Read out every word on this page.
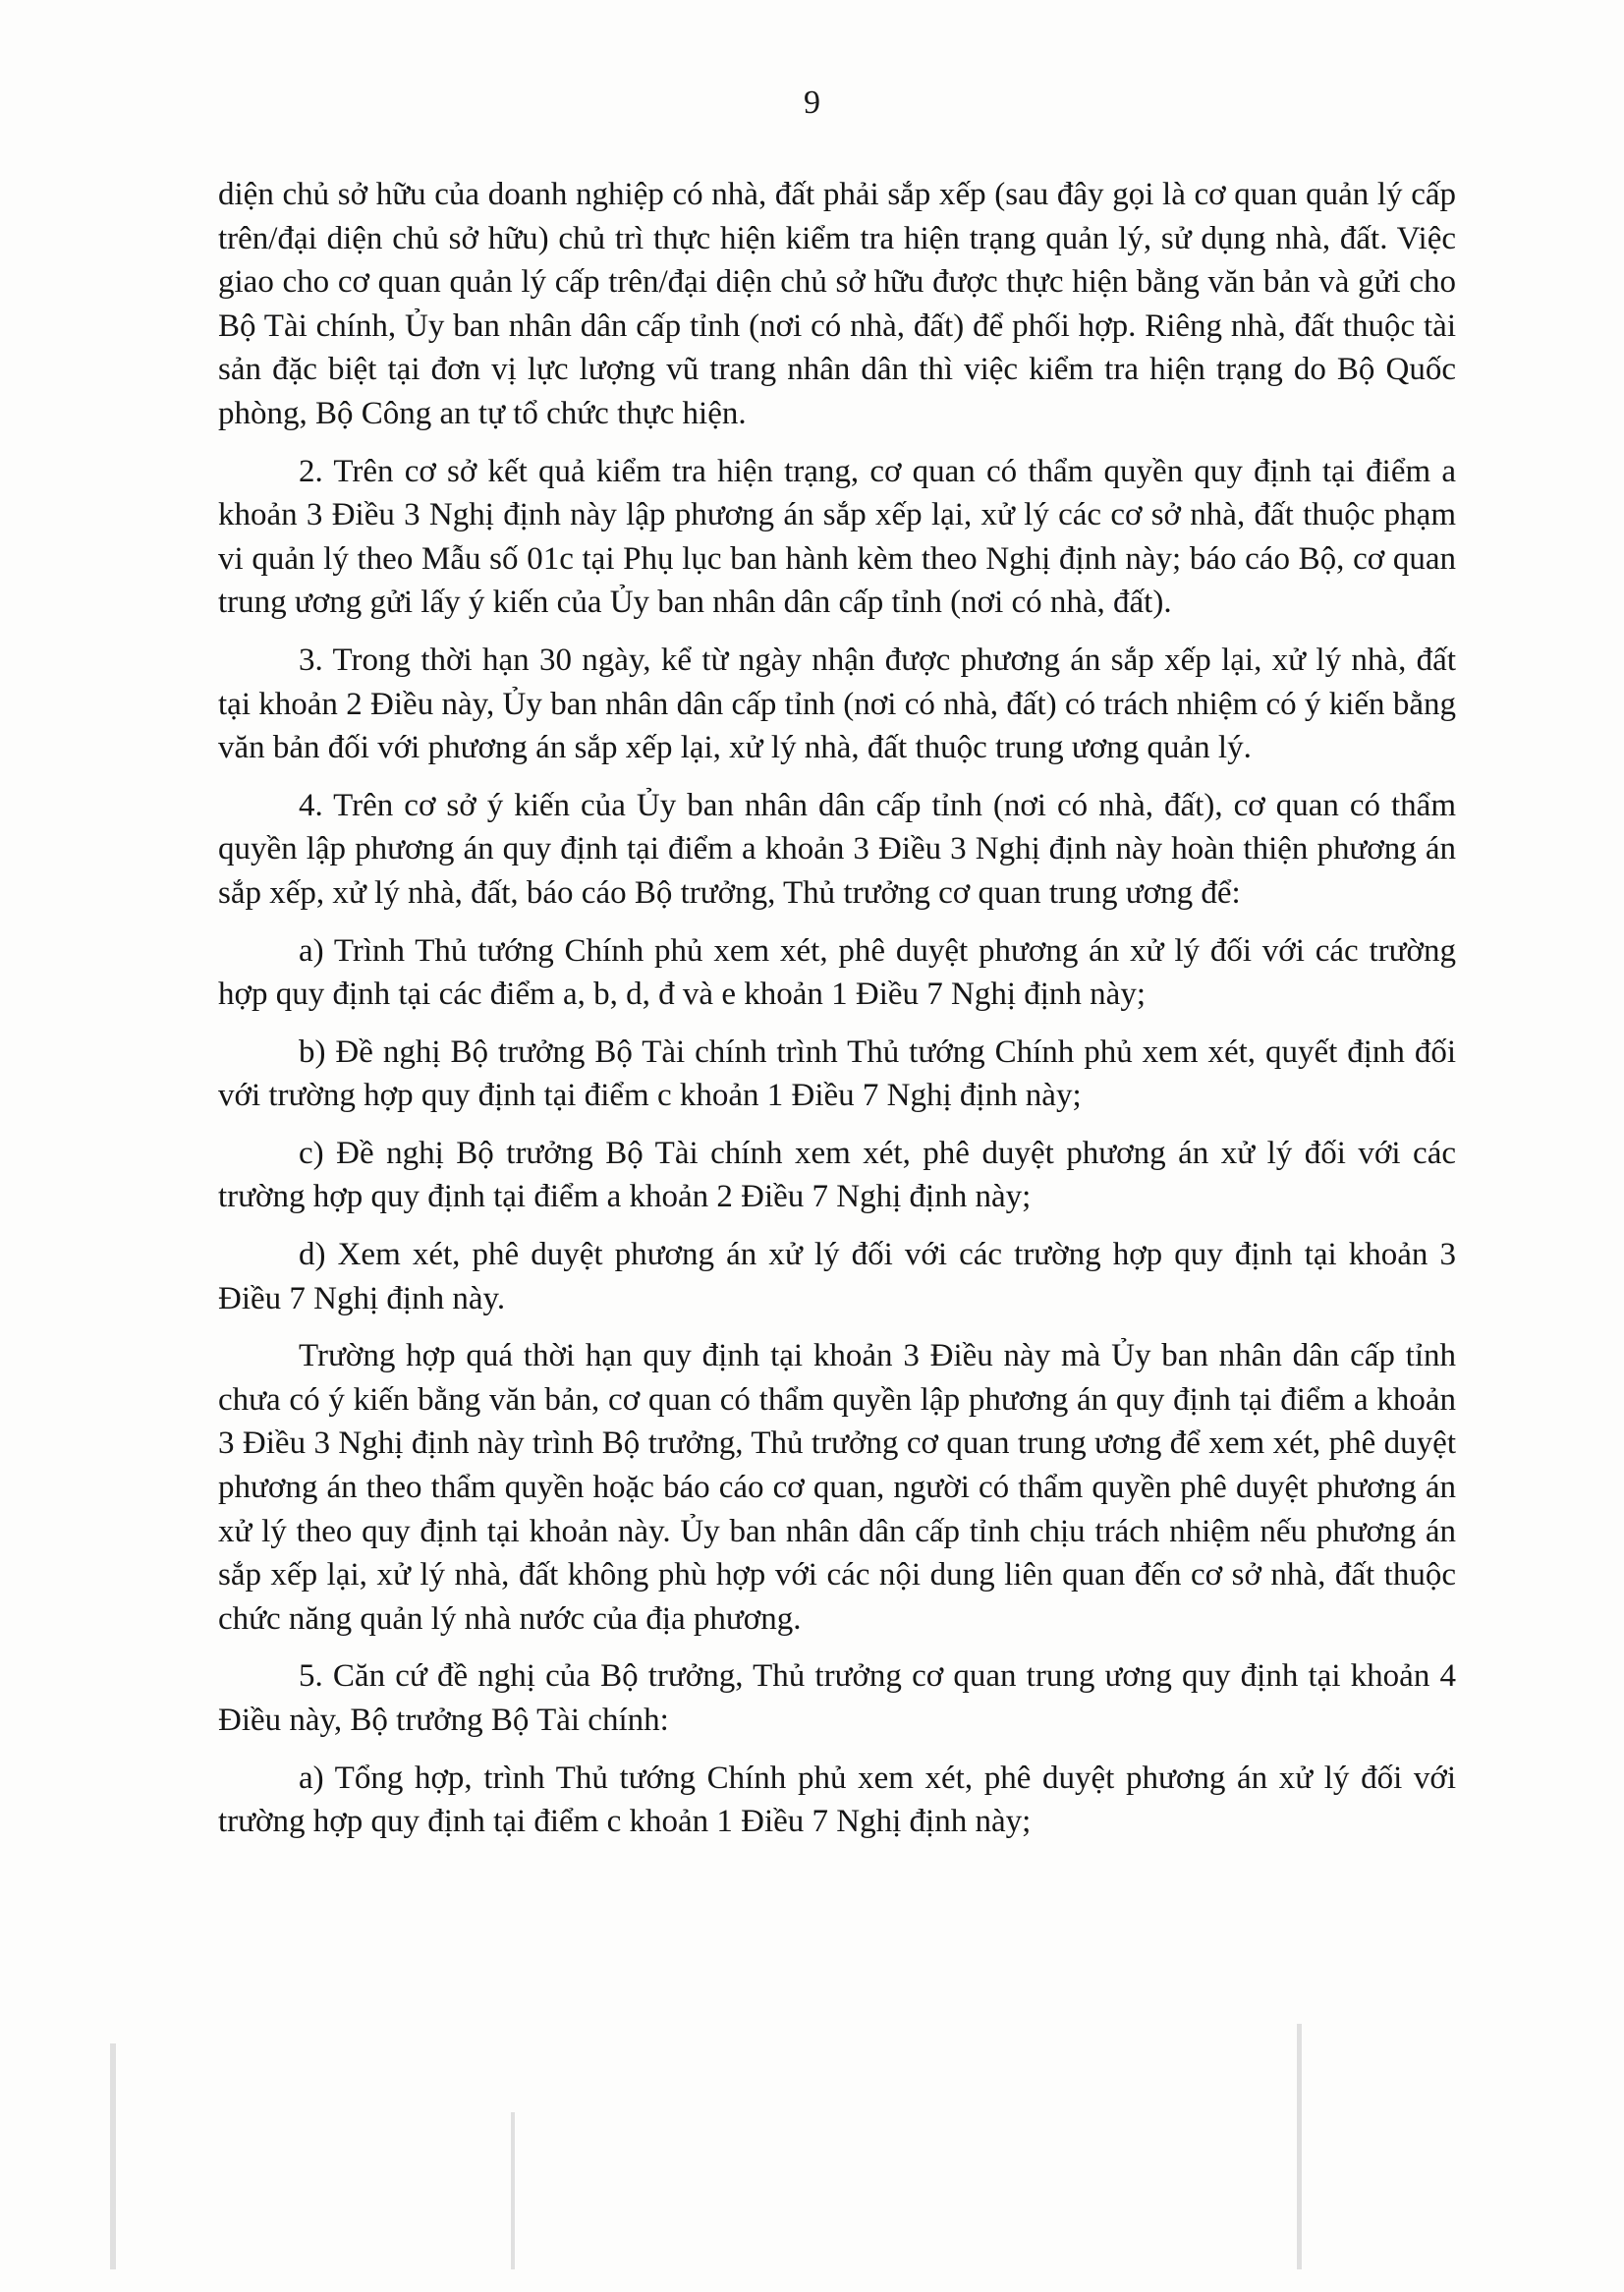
9

diện chủ sở hữu của doanh nghiệp có nhà, đất phải sắp xếp (sau đây gọi là cơ quan quản lý cấp trên/đại diện chủ sở hữu) chủ trì thực hiện kiểm tra hiện trạng quản lý, sử dụng nhà, đất. Việc giao cho cơ quan quản lý cấp trên/đại diện chủ sở hữu được thực hiện bằng văn bản và gửi cho Bộ Tài chính, Ủy ban nhân dân cấp tỉnh (nơi có nhà, đất) để phối hợp. Riêng nhà, đất thuộc tài sản đặc biệt tại đơn vị lực lượng vũ trang nhân dân thì việc kiểm tra hiện trạng do Bộ Quốc phòng, Bộ Công an tự tổ chức thực hiện.

2. Trên cơ sở kết quả kiểm tra hiện trạng, cơ quan có thẩm quyền quy định tại điểm a khoản 3 Điều 3 Nghị định này lập phương án sắp xếp lại, xử lý các cơ sở nhà, đất thuộc phạm vi quản lý theo Mẫu số 01c tại Phụ lục ban hành kèm theo Nghị định này; báo cáo Bộ, cơ quan trung ương gửi lấy ý kiến của Ủy ban nhân dân cấp tỉnh (nơi có nhà, đất).

3. Trong thời hạn 30 ngày, kể từ ngày nhận được phương án sắp xếp lại, xử lý nhà, đất tại khoản 2 Điều này, Ủy ban nhân dân cấp tỉnh (nơi có nhà, đất) có trách nhiệm có ý kiến bằng văn bản đối với phương án sắp xếp lại, xử lý nhà, đất thuộc trung ương quản lý.

4. Trên cơ sở ý kiến của Ủy ban nhân dân cấp tỉnh (nơi có nhà, đất), cơ quan có thẩm quyền lập phương án quy định tại điểm a khoản 3 Điều 3 Nghị định này hoàn thiện phương án sắp xếp, xử lý nhà, đất, báo cáo Bộ trưởng, Thủ trưởng cơ quan trung ương để:

a) Trình Thủ tướng Chính phủ xem xét, phê duyệt phương án xử lý đối với các trường hợp quy định tại các điểm a, b, d, đ và e khoản 1 Điều 7 Nghị định này;

b) Đề nghị Bộ trưởng Bộ Tài chính trình Thủ tướng Chính phủ xem xét, quyết định đối với trường hợp quy định tại điểm c khoản 1 Điều 7 Nghị định này;

c) Đề nghị Bộ trưởng Bộ Tài chính xem xét, phê duyệt phương án xử lý đối với các trường hợp quy định tại điểm a khoản 2 Điều 7 Nghị định này;

d) Xem xét, phê duyệt phương án xử lý đối với các trường hợp quy định tại khoản 3 Điều 7 Nghị định này.

Trường hợp quá thời hạn quy định tại khoản 3 Điều này mà Ủy ban nhân dân cấp tỉnh chưa có ý kiến bằng văn bản, cơ quan có thẩm quyền lập phương án quy định tại điểm a khoản 3 Điều 3 Nghị định này trình Bộ trưởng, Thủ trưởng cơ quan trung ương để xem xét, phê duyệt phương án theo thẩm quyền hoặc báo cáo cơ quan, người có thẩm quyền phê duyệt phương án xử lý theo quy định tại khoản này. Ủy ban nhân dân cấp tỉnh chịu trách nhiệm nếu phương án sắp xếp lại, xử lý nhà, đất không phù hợp với các nội dung liên quan đến cơ sở nhà, đất thuộc chức năng quản lý nhà nước của địa phương.

5. Căn cứ đề nghị của Bộ trưởng, Thủ trưởng cơ quan trung ương quy định tại khoản 4 Điều này, Bộ trưởng Bộ Tài chính:

a) Tổng hợp, trình Thủ tướng Chính phủ xem xét, phê duyệt phương án xử lý đối với trường hợp quy định tại điểm c khoản 1 Điều 7 Nghị định này;
